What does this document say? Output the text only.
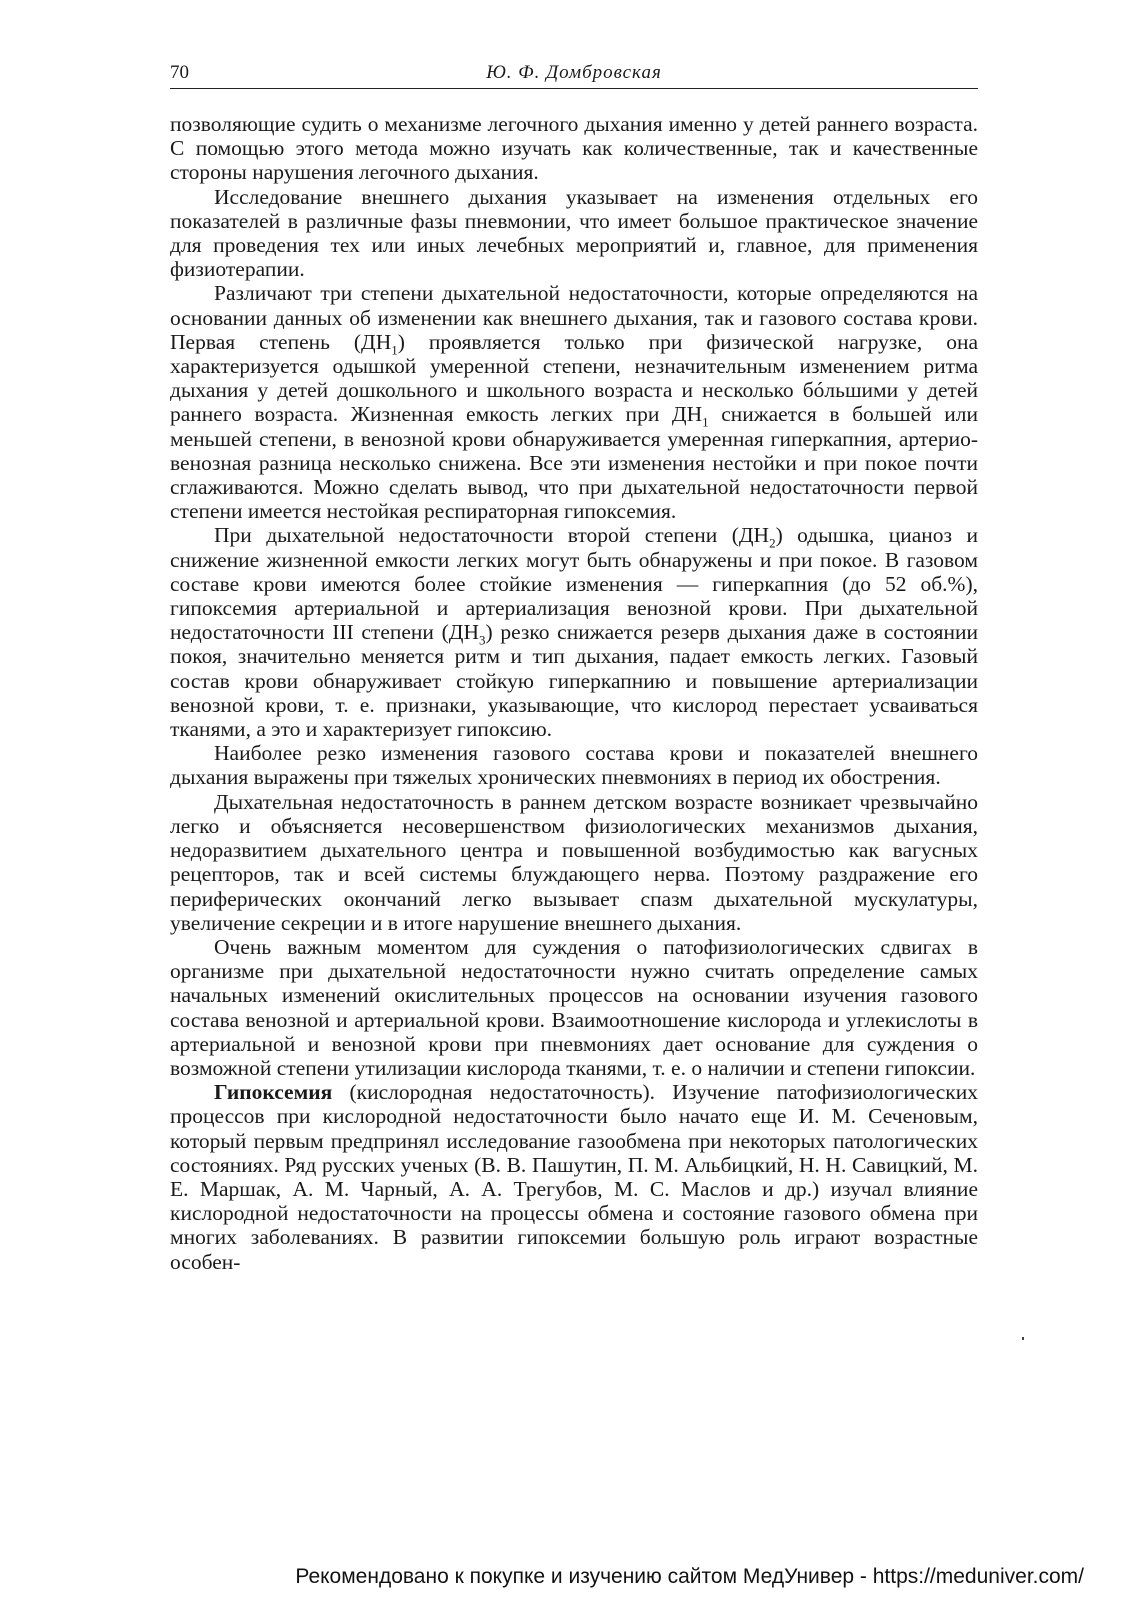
70	Ю. Ф. Домбровская

позволяющие судить о механизме легочного дыхания именно у детей раннего возраста. С помощью этого метода можно изучать как количественные, так и качественные стороны нарушения легочного дыхания.

Исследование внешнего дыхания указывает на изменения отдельных его показателей в различные фазы пневмонии, что имеет большое практическое значение для проведения тех или иных лечебных мероприятий и, главное, для применения физиотерапии.

Различают три степени дыхательной недостаточности, которые определяются на основании данных об изменении как внешнего дыхания, так и газового состава крови. Первая степень $(ДН_1)$ проявляется только при физической нагрузке, она характеризуется одышкой умеренной степени, незначительным изменением ритма дыхания у детей дошкольного и школьного возраста и несколько бóльшими у детей раннего возраста. Жизненная емкость легких при $ДН_1$ снижается в большей или меньшей степени, в венозной крови обнаруживается умеренная гиперкапния, артерио-венозная разница несколько снижена. Все эти изменения нестойки и при покое почти сглаживаются. Можно сделать вывод, что при дыхательной недостаточности первой степени имеется нестойкая респираторная гипоксемия.

При дыхательной недостаточности второй степени $(ДН_2)$ одышка, цианоз и снижение жизненной емкости легких могут быть обнаружены и при покое. В газовом составе крови имеются более стойкие изменения — гиперкапния (до 52 об.%), гипоксемия артериальной и артериализация венозной крови. При дыхательной недостаточности III степени $(ДН_3)$ резко снижается резерв дыхания даже в состоянии покоя, значительно меняется ритм и тип дыхания, падает емкость легких. Газовый состав крови обнаруживает стойкую гиперкапнию и повышение артериализации венозной крови, т. е. признаки, указывающие, что кислород перестает усваиваться тканями, а это и характеризует гипоксию.

Наиболее резко изменения газового состава крови и показателей внешнего дыхания выражены при тяжелых хронических пневмониях в период их обострения.

Дыхательная недостаточность в раннем детском возрасте возникает чрезвычайно легко и объясняется несовершенством физиологических механизмов дыхания, недоразвитием дыхательного центра и повышенной возбудимостью как вагусных рецепторов, так и всей системы блуждающего нерва. Поэтому раздражение его периферических окончаний легко вызывает спазм дыхательной мускулатуры, увеличение секреции и в итоге нарушение внешнего дыхания.

Очень важным моментом для суждения о патофизиологических сдвигах в организме при дыхательной недостаточности нужно считать определение самых начальных изменений окислительных процессов на основании изучения газового состава венозной и артериальной крови. Взаимоотношение кислорода и углекислоты в артериальной и венозной крови при пневмониях дает основание для суждения о возможной степени утилизации кислорода тканями, т. е. о наличии и степени гипоксии.

Гипоксемия (кислородная недостаточность). Изучение патофизиологических процессов при кислородной недостаточности было начато еще И. М. Сеченовым, который первым предпринял исследование газообмена при некоторых патологических состояниях. Ряд русских ученых (В. В. Пашутин, П. М. Альбицкий, Н. Н. Савицкий, М. Е. Маршак, А. М. Чарный, А. А. Трегубов, М. С. Маслов и др.) изучал влияние кислородной недостаточности на процессы обмена и состояние газового обмена при многих заболеваниях. В развитии гипоксемии большую роль играют возрастные особен-

Рекомендовано к покупке и изучению сайтом МедУнивер - https://meduniver.com/
